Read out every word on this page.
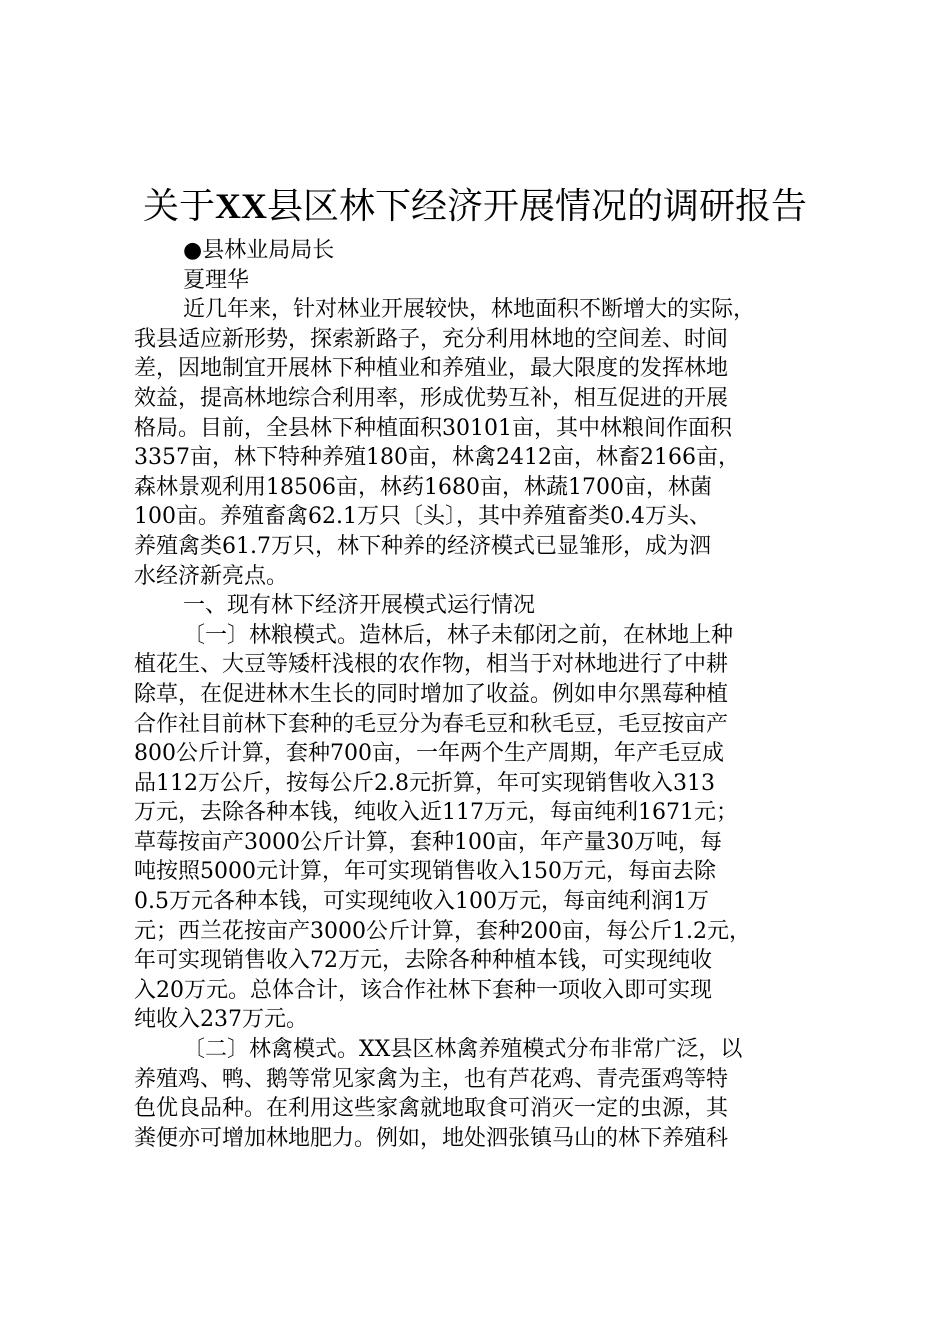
关于XX县区林下经济开展情况的调研报告
●县林业局局长
夏理华
近几年来，针对林业开展较快，林地面积不断增大的实际，
我县适应新形势，探索新路子，充分利用林地的空间差、时间
差，因地制宜开展林下种植业和养殖业，最大限度的发挥林地
效益，提高林地综合利用率，形成优势互补，相互促进的开展
格局。目前，全县林下种植面积30101亩，其中林粮间作面积
3357亩，林下特种养殖180亩，林禽2412亩，林畜2166亩，
森林景观利用18506亩，林药1680亩，林蔬1700亩，林菌
100亩。养殖畜禽62.1万只〔头〕，其中养殖畜类0.4万头、
养殖禽类61.7万只，林下种养的经济模式已显雏形，成为泗
水经济新亮点。
一、现有林下经济开展模式运行情况
〔一〕林粮模式。造林后，林子未郁闭之前，在林地上种
植花生、大豆等矮杆浅根的农作物，相当于对林地进行了中耕
除草，在促进林木生长的同时增加了收益。例如申尔黑莓种植
合作社目前林下套种的毛豆分为春毛豆和秋毛豆，毛豆按亩产
800公斤计算，套种700亩，一年两个生产周期，年产毛豆成
品112万公斤，按每公斤2.8元折算，年可实现销售收入313
万元，去除各种本钱，纯收入近117万元，每亩纯利1671元；
草莓按亩产3000公斤计算，套种100亩，年产量30万吨，每
吨按照5000元计算，年可实现销售收入150万元，每亩去除
0.5万元各种本钱，可实现纯收入100万元，每亩纯利润1万
元；西兰花按亩产3000公斤计算，套种200亩，每公斤1.2元，
年可实现销售收入72万元，去除各种种植本钱，可实现纯收
入20万元。总体合计，该合作社林下套种一项收入即可实现
纯收入237万元。
〔二〕林禽模式。XX县区林禽养殖模式分布非常广泛，以
养殖鸡、鸭、鹅等常见家禽为主，也有芦花鸡、青壳蛋鸡等特
色优良品种。在利用这些家禽就地取食可消灭一定的虫源，其
粪便亦可增加林地肥力。例如，地处泗张镇马山的林下养殖科
